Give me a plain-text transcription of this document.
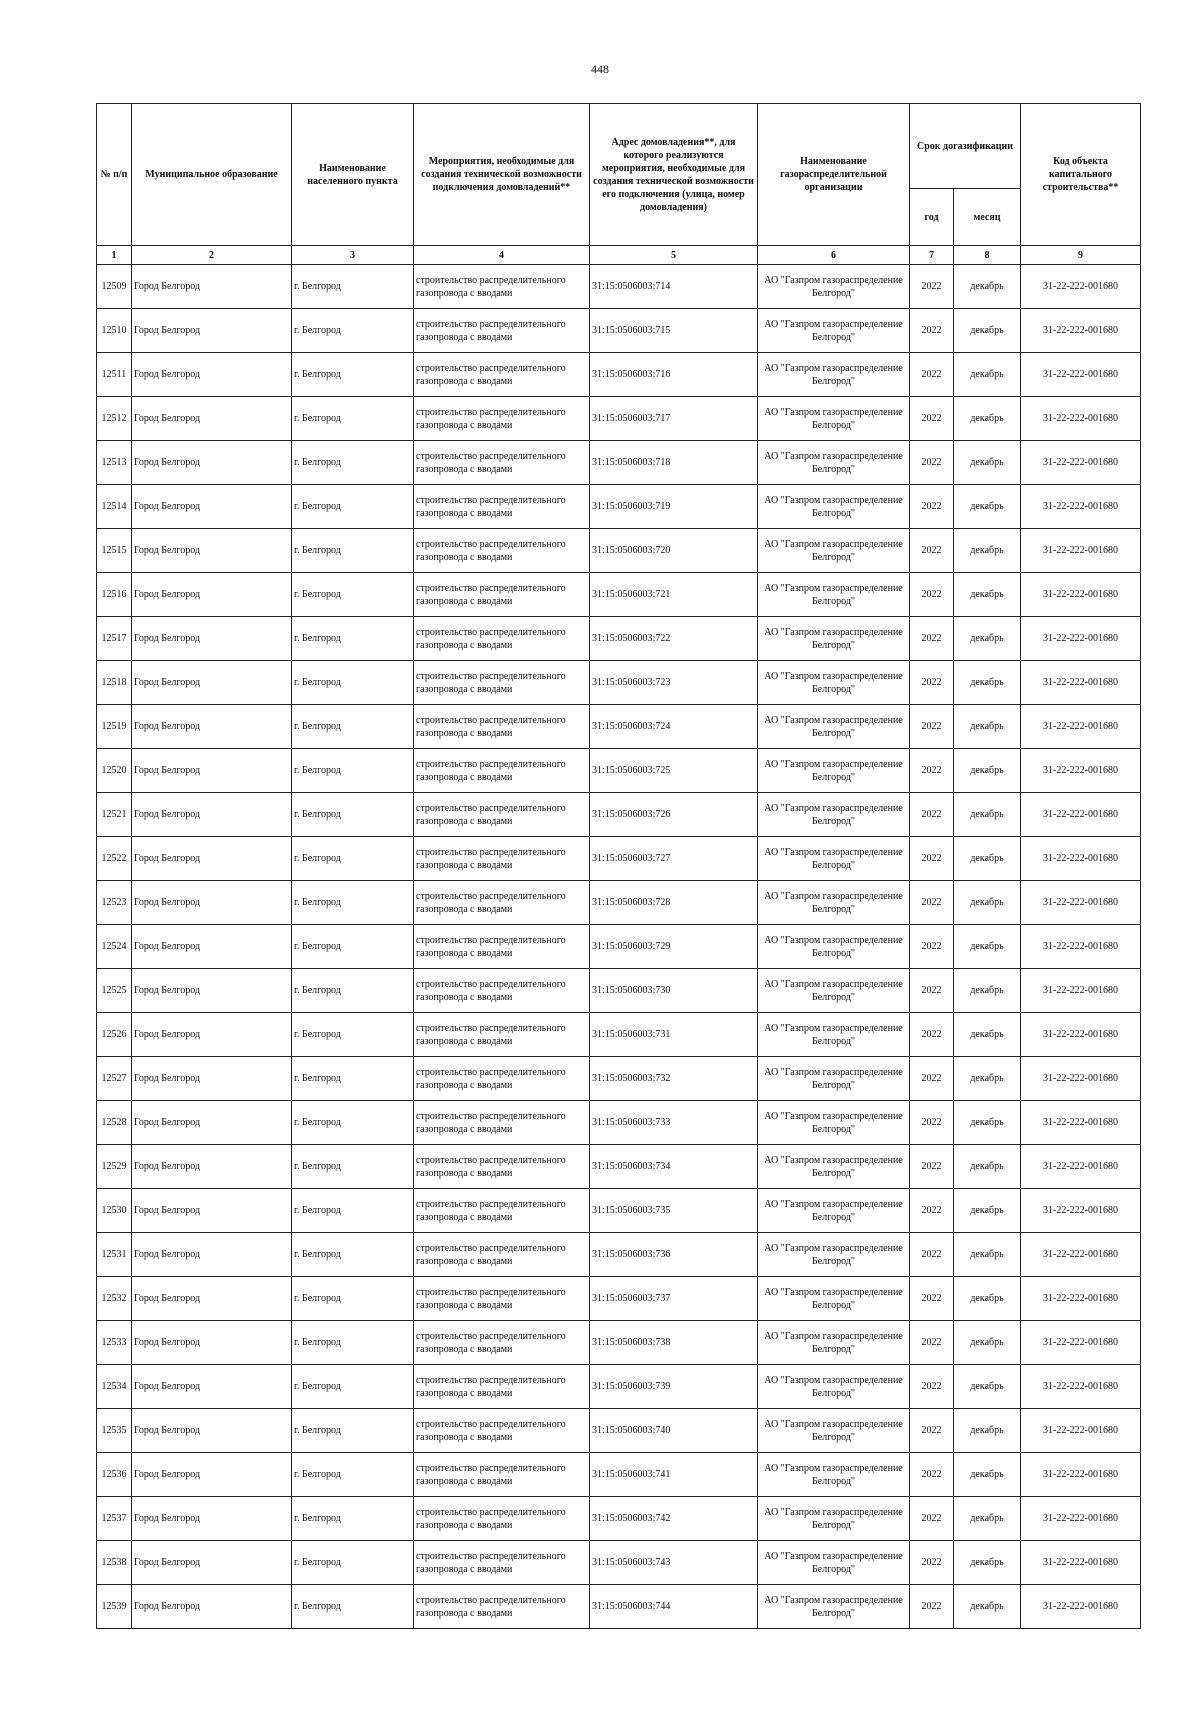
448
№ п/п	Муниципальное образование	Наименование населенного пункта	Мероприятия, необходимые для создания технической возможности подключения домовладений**	Адрес домовладения**, для которого реализуются мероприятия, необходимые для создания технической возможности его подключения (улица, номер домовладения)	Наименование газораспределительной организации	Срок догазификации		Код объекта капитального строительства**
						год	месяц	
1	2	3	4	5	6	7	8	9
12509	Город Белгород	г. Белгород	строительство распределительного газопровода с вводами	31:15:0506003:714	АО "Газпром газораспределение Белгород"	2022	декабрь	31-22-222-001680
12510	Город Белгород	г. Белгород	строительство распределительного газопровода с вводами	31:15:0506003:715	АО "Газпром газораспределение Белгород"	2022	декабрь	31-22-222-001680
12511	Город Белгород	г. Белгород	строительство распределительного газопровода с вводами	31:15:0506003:716	АО "Газпром газораспределение Белгород"	2022	декабрь	31-22-222-001680
12512	Город Белгород	г. Белгород	строительство распределительного газопровода с вводами	31:15:0506003:717	АО "Газпром газораспределение Белгород"	2022	декабрь	31-22-222-001680
12513	Город Белгород	г. Белгород	строительство распределительного газопровода с вводами	31:15:0506003:718	АО "Газпром газораспределение Белгород"	2022	декабрь	31-22-222-001680
12514	Город Белгород	г. Белгород	строительство распределительного газопровода с вводами	31:15:0506003:719	АО "Газпром газораспределение Белгород"	2022	декабрь	31-22-222-001680
12515	Город Белгород	г. Белгород	строительство распределительного газопровода с вводами	31:15:0506003:720	АО "Газпром газораспределение Белгород"	2022	декабрь	31-22-222-001680
12516	Город Белгород	г. Белгород	строительство распределительного газопровода с вводами	31:15:0506003:721	АО "Газпром газораспределение Белгород"	2022	декабрь	31-22-222-001680
12517	Город Белгород	г. Белгород	строительство распределительного газопровода с вводами	31:15:0506003:722	АО "Газпром газораспределение Белгород"	2022	декабрь	31-22-222-001680
12518	Город Белгород	г. Белгород	строительство распределительного газопровода с вводами	31:15:0506003:723	АО "Газпром газораспределение Белгород"	2022	декабрь	31-22-222-001680
12519	Город Белгород	г. Белгород	строительство распределительного газопровода с вводами	31:15:0506003:724	АО "Газпром газораспределение Белгород"	2022	декабрь	31-22-222-001680
12520	Город Белгород	г. Белгород	строительство распределительного газопровода с вводами	31:15:0506003:725	АО "Газпром газораспределение Белгород"	2022	декабрь	31-22-222-001680
12521	Город Белгород	г. Белгород	строительство распределительного газопровода с вводами	31:15:0506003:726	АО "Газпром газораспределение Белгород"	2022	декабрь	31-22-222-001680
12522	Город Белгород	г. Белгород	строительство распределительного газопровода с вводами	31:15:0506003:727	АО "Газпром газораспределение Белгород"	2022	декабрь	31-22-222-001680
12523	Город Белгород	г. Белгород	строительство распределительного газопровода с вводами	31:15:0506003:728	АО "Газпром газораспределение Белгород"	2022	декабрь	31-22-222-001680
12524	Город Белгород	г. Белгород	строительство распределительного газопровода с вводами	31:15:0506003:729	АО "Газпром газораспределение Белгород"	2022	декабрь	31-22-222-001680
12525	Город Белгород	г. Белгород	строительство распределительного газопровода с вводами	31:15:0506003:730	АО "Газпром газораспределение Белгород"	2022	декабрь	31-22-222-001680
12526	Город Белгород	г. Белгород	строительство распределительного газопровода с вводами	31:15:0506003:731	АО "Газпром газораспределение Белгород"	2022	декабрь	31-22-222-001680
12527	Город Белгород	г. Белгород	строительство распределительного газопровода с вводами	31:15:0506003:732	АО "Газпром газораспределение Белгород"	2022	декабрь	31-22-222-001680
12528	Город Белгород	г. Белгород	строительство распределительного газопровода с вводами	31:15:0506003:733	АО "Газпром газораспределение Белгород"	2022	декабрь	31-22-222-001680
12529	Город Белгород	г. Белгород	строительство распределительного газопровода с вводами	31:15:0506003:734	АО "Газпром газораспределение Белгород"	2022	декабрь	31-22-222-001680
12530	Город Белгород	г. Белгород	строительство распределительного газопровода с вводами	31:15:0506003:735	АО "Газпром газораспределение Белгород"	2022	декабрь	31-22-222-001680
12531	Город Белгород	г. Белгород	строительство распределительного газопровода с вводами	31:15:0506003:736	АО "Газпром газораспределение Белгород"	2022	декабрь	31-22-222-001680
12532	Город Белгород	г. Белгород	строительство распределительного газопровода с вводами	31:15:0506003:737	АО "Газпром газораспределение Белгород"	2022	декабрь	31-22-222-001680
12533	Город Белгород	г. Белгород	строительство распределительного газопровода с вводами	31:15:0506003:738	АО "Газпром газораспределение Белгород"	2022	декабрь	31-22-222-001680
12534	Город Белгород	г. Белгород	строительство распределительного газопровода с вводами	31:15:0506003:739	АО "Газпром газораспределение Белгород"	2022	декабрь	31-22-222-001680
12535	Город Белгород	г. Белгород	строительство распределительного газопровода с вводами	31:15:0506003:740	АО "Газпром газораспределение Белгород"	2022	декабрь	31-22-222-001680
12536	Город Белгород	г. Белгород	строительство распределительного газопровода с вводами	31:15:0506003:741	АО "Газпром газораспределение Белгород"	2022	декабрь	31-22-222-001680
12537	Город Белгород	г. Белгород	строительство распределительного газопровода с вводами	31:15:0506003:742	АО "Газпром газораспределение Белгород"	2022	декабрь	31-22-222-001680
12538	Город Белгород	г. Белгород	строительство распределительного газопровода с вводами	31:15:0506003:743	АО "Газпром газораспределение Белгород"	2022	декабрь	31-22-222-001680
12539	Город Белгород	г. Белгород	строительство распределительного газопровода с вводами	31:15:0506003:744	АО "Газпром газораспределение Белгород"	2022	декабрь	31-22-222-001680
